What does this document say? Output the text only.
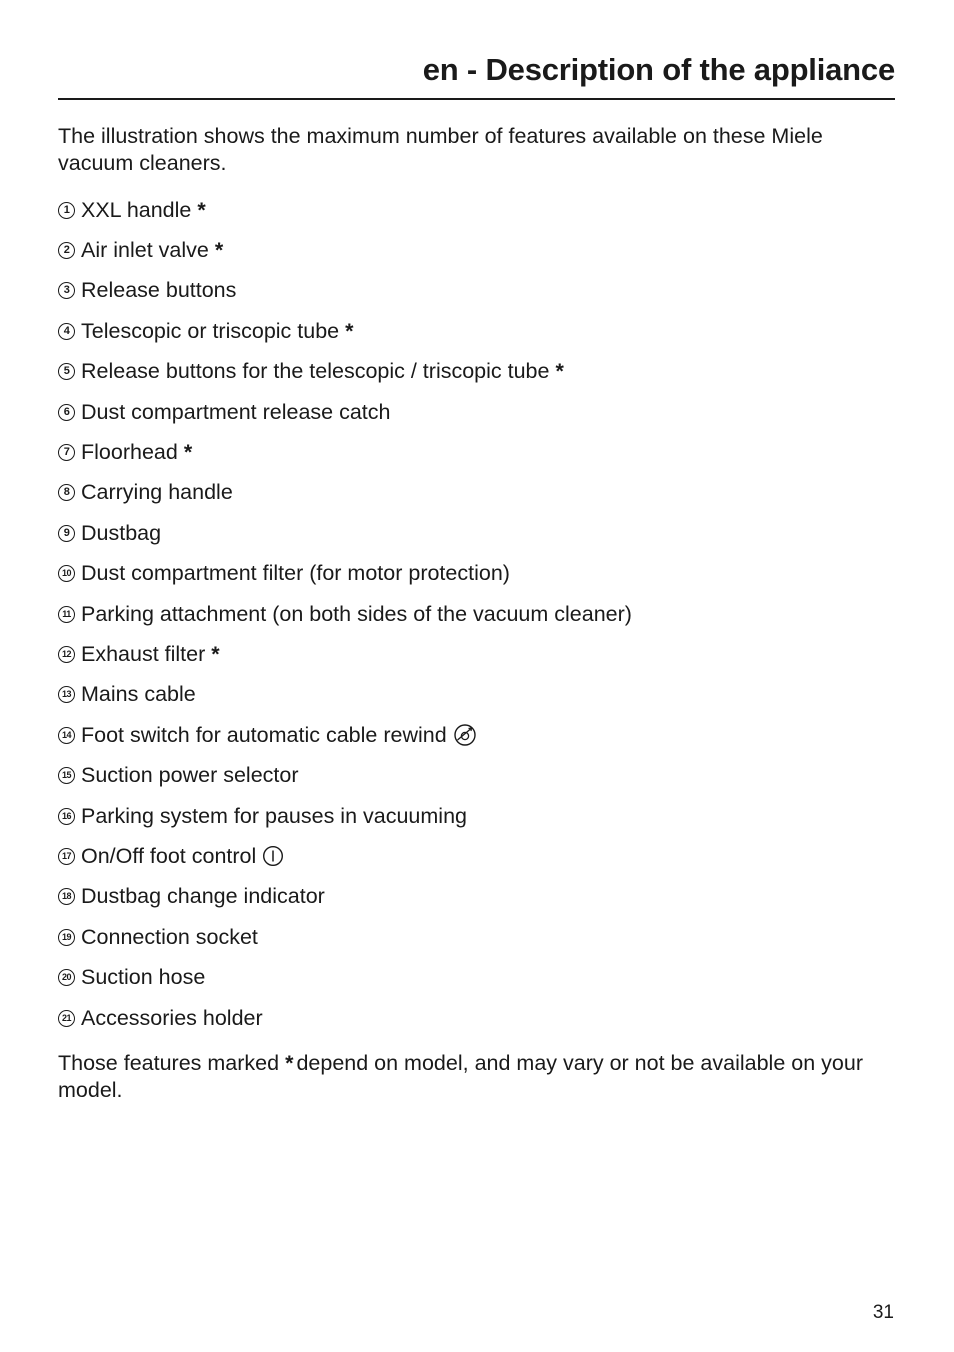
en - Description of the appliance

The illustration shows the maximum number of features available on these Miele vacuum cleaners.

1 XXL handle *
2 Air inlet valve *
3 Release buttons
4 Telescopic or triscopic tube *
5 Release buttons for the telescopic / triscopic tube *
6 Dust compartment release catch
7 Floorhead *
8 Carrying handle
9 Dustbag
10 Dust compartment filter (for motor protection)
11 Parking attachment (on both sides of the vacuum cleaner)
12 Exhaust filter *
13 Mains cable
14 Foot switch for automatic cable rewind
15 Suction power selector
16 Parking system for pauses in vacuuming
17 On/Off foot control
18 Dustbag change indicator
19 Connection socket
20 Suction hose
21 Accessories holder

Those features marked * depend on model, and may vary or not be available on your model.

31
